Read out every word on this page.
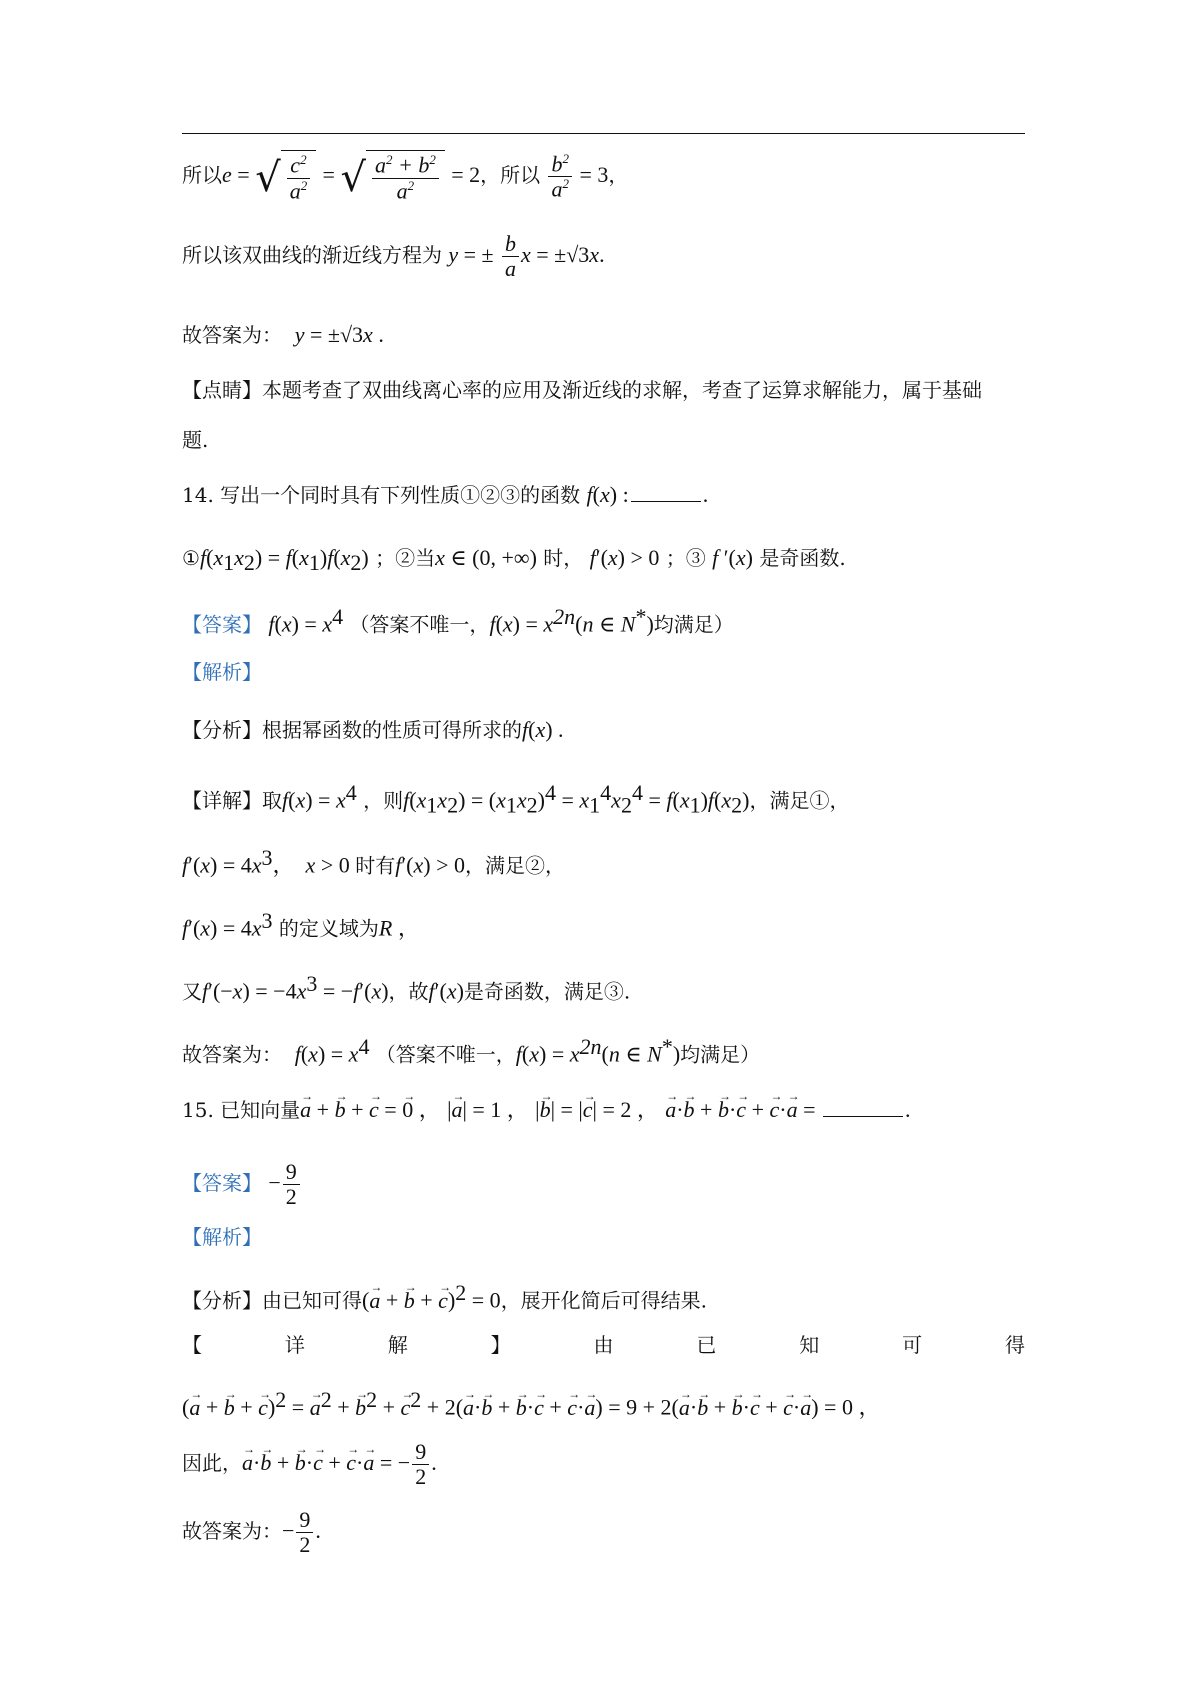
所以e = √ $\frac{c^2}{a^2}$ = √ $\frac{a^2 + b^2}{a^2} = 2$，所以 $\frac{b^2}{a^2} = 3$，
所以该双曲线的渐近线方程为 y = ± $\frac{b}{a}$ x = ±√3x.
故答案为： y = ±√3x .
【点睛】本题考查了双曲线离心率的应用及渐近线的求解，考查了运算求解能力，属于基础
题.
14. 写出一个同时具有下列性质①②③的函数 f(x) :	.
$①f(x_1x_2) = f(x_1)f(x_2)$ ；②当x ∈ (0, +∞) 时， f′(x) > 0 ；③ f ′(x) 是奇函数.
【答案】 $f(x) = x^4$ （答案不唯一，$f(x) = x^{2n}(n$ ∈ N*)均满足）
【解析】
【分析】根据幂函数的性质可得所求的f(x) .
【详解】取$f(x) = x^4$ ，则$f(x_1x_2) = (x_1x_2)^4 = x_1^4x_2^4 = f(x_1)f(x_2)$，满足①，
$f'(x) = 4x^3$，  x > 0 时有f′(x) > 0，满足②，
$f'(x) = 4x^3$ 的定义域为R ，
又$f'(-x) = -4x^3 = -f'(x)$，故f′(x)是奇函数，满足③.
故答案为： $f(x) = x^4$ （答案不唯一，$f(x) = x^{2n}(n$ ∈ N*)均满足）
15. 已知向量→ a + → b + → c = → 0 ， |→ a| = 1 ， |→ b| = |→ c| = 2 ， → a·→ b + → b·→ c + → c·→ a =	.
【答案】 − $\frac{9}{2}$
【解析】
【分析】由已知可得(→ a + → b + → c)$^2$ = 0，展开化简后可得结果.
【	详	解	】	由	已	知	可	得
(→ a + → b + → c)$^2$ = → $a^2$ + → $b^2$ + → $c^2 + 2(\to a\cdot\to b$ + → b·→ c + → c·→ a) = 9 + 2(→ a·→ b + → b·→ c + → c·→ a) = 0 ，
因此，→ a·→ b + → b·→ c + → c·→ a = − $\frac{9}{2}$ .
故答案为：− $\frac{9}{2}$ .
